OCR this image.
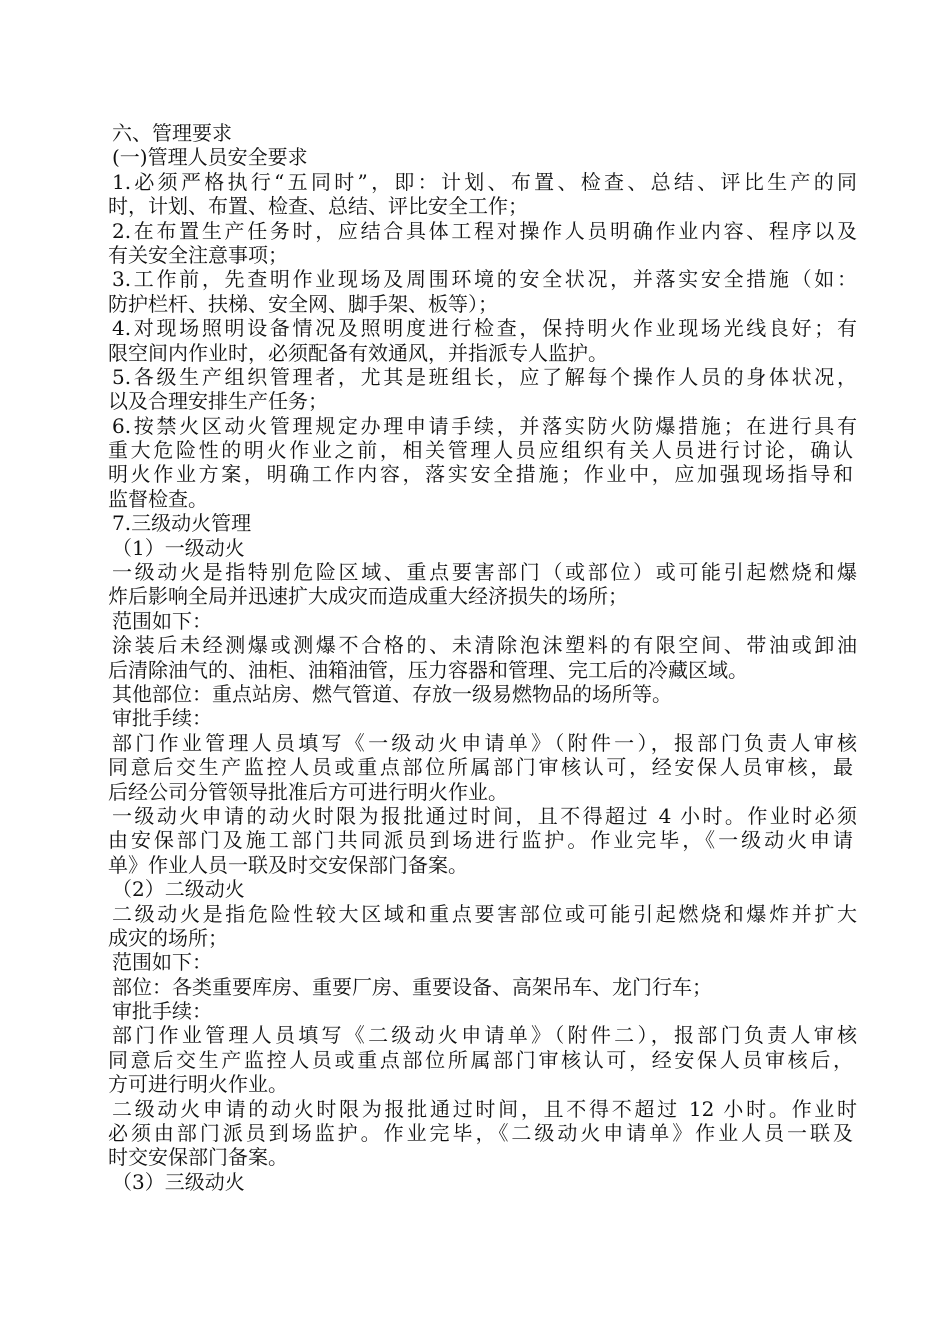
六、管理要求
(一)管理人员安全要求
1.必须严格执行“五同时”，即：计划、布置、检查、总结、评比生产的同
时，计划、布置、检查、总结、评比安全工作；
2.在布置生产任务时，应结合具体工程对操作人员明确作业内容、程序以及
有关安全注意事项；
3.工作前，先查明作业现场及周围环境的安全状况，并落实安全措施（如：
防护栏杆、扶梯、安全网、脚手架、板等）；
4.对现场照明设备情况及照明度进行检查，保持明火作业现场光线良好；有
限空间内作业时，必须配备有效通风，并指派专人监护。
5.各级生产组织管理者，尤其是班组长，应了解每个操作人员的身体状况，
以及合理安排生产任务；
6.按禁火区动火管理规定办理申请手续，并落实防火防爆措施；在进行具有
重大危险性的明火作业之前，相关管理人员应组织有关人员进行讨论，确认
明火作业方案，明确工作内容，落实安全措施；作业中，应加强现场指导和
监督检查。
7.三级动火管理
（1）一级动火
一级动火是指特别危险区域、重点要害部门（或部位）或可能引起燃烧和爆
炸后影响全局并迅速扩大成灾而造成重大经济损失的场所；
范围如下：
涂装后未经测爆或测爆不合格的、未清除泡沫塑料的有限空间、带油或卸油
后清除油气的、油柜、油箱油管，压力容器和管理、完工后的冷藏区域。
其他部位：重点站房、燃气管道、存放一级易燃物品的场所等。
审批手续：
部门作业管理人员填写《一级动火申请单》（附件一），报部门负责人审核
同意后交生产监控人员或重点部位所属部门审核认可，经安保人员审核，最
后经公司分管领导批准后方可进行明火作业。
一级动火申请的动火时限为报批通过时间，且不得超过 4 小时。作业时必须
由安保部门及施工部门共同派员到场进行监护。作业完毕，《一级动火申请
单》作业人员一联及时交安保部门备案。
（2）二级动火
二级动火是指危险性较大区域和重点要害部位或可能引起燃烧和爆炸并扩大
成灾的场所；
范围如下：
部位：各类重要库房、重要厂房、重要设备、高架吊车、龙门行车；
审批手续：
部门作业管理人员填写《二级动火申请单》（附件二），报部门负责人审核
同意后交生产监控人员或重点部位所属部门审核认可，经安保人员审核后，
方可进行明火作业。
二级动火申请的动火时限为报批通过时间，且不得不超过 12 小时。作业时
必须由部门派员到场监护。作业完毕，《二级动火申请单》作业人员一联及
时交安保部门备案。
（3）三级动火
